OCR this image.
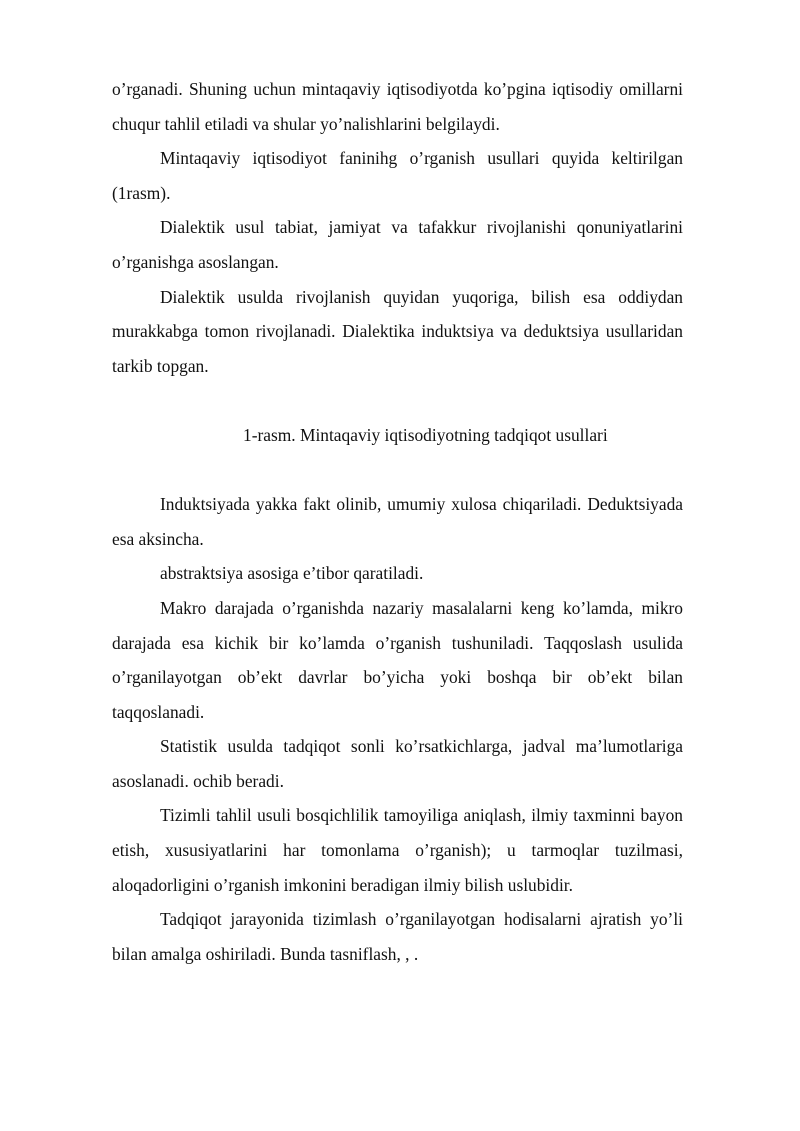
o’rganadi. Shuning uchun mintaqaviy iqtisodiyotda ko’pgina iqtisodiy omillarni chuqur tahlil etiladi va shular yo’nalishlarini belgilaydi.

Mintaqaviy iqtisodiyot faninihg o’rganish usullari quyida keltirilgan (1rasm).

Dialektik usul tabiat, jamiyat va tafakkur rivojlanishi qonuniyatlarini o’rganishga asoslangan.

Dialektik usulda rivojlanish quyidan yuqoriga, bilish esa oddiydan murakkabga tomon rivojlanadi. Dialektika induktsiya va deduktsiya usullaridan tarkib topgan.

1-rasm. Mintaqaviy iqtisodiyotning tadqiqot usullari

Induktsiyada yakka fakt olinib, umumiy xulosa chiqariladi. Deduktsiyada esa aksincha.

abstraktsiya asosiga e’tibor qaratiladi.

Makro darajada o’rganishda nazariy masalalarni keng ko’lamda, mikro darajada esa kichik bir ko’lamda o’rganish tushuniladi. Taqqoslash usulida o’rganilayotgan ob’ekt davrlar bo’yicha yoki boshqa bir ob’ekt bilan taqqoslanadi.

Statistik usulda tadqiqot sonli ko’rsatkichlarga, jadval ma’lumotlariga asoslanadi. ochib beradi.

Tizimli tahlil usuli bosqichlilik tamoyiliga aniqlash, ilmiy taxminni bayon etish, xususiyatlarini har tomonlama o’rganish); u tarmoqlar tuzilmasi, aloqadorligini o’rganish imkonini beradigan ilmiy bilish uslubidir.

Tadqiqot jarayonida tizimlash o’rganilayotgan hodisalarni ajratish yo’li bilan amalga oshiriladi. Bunda tasniflash, , .
